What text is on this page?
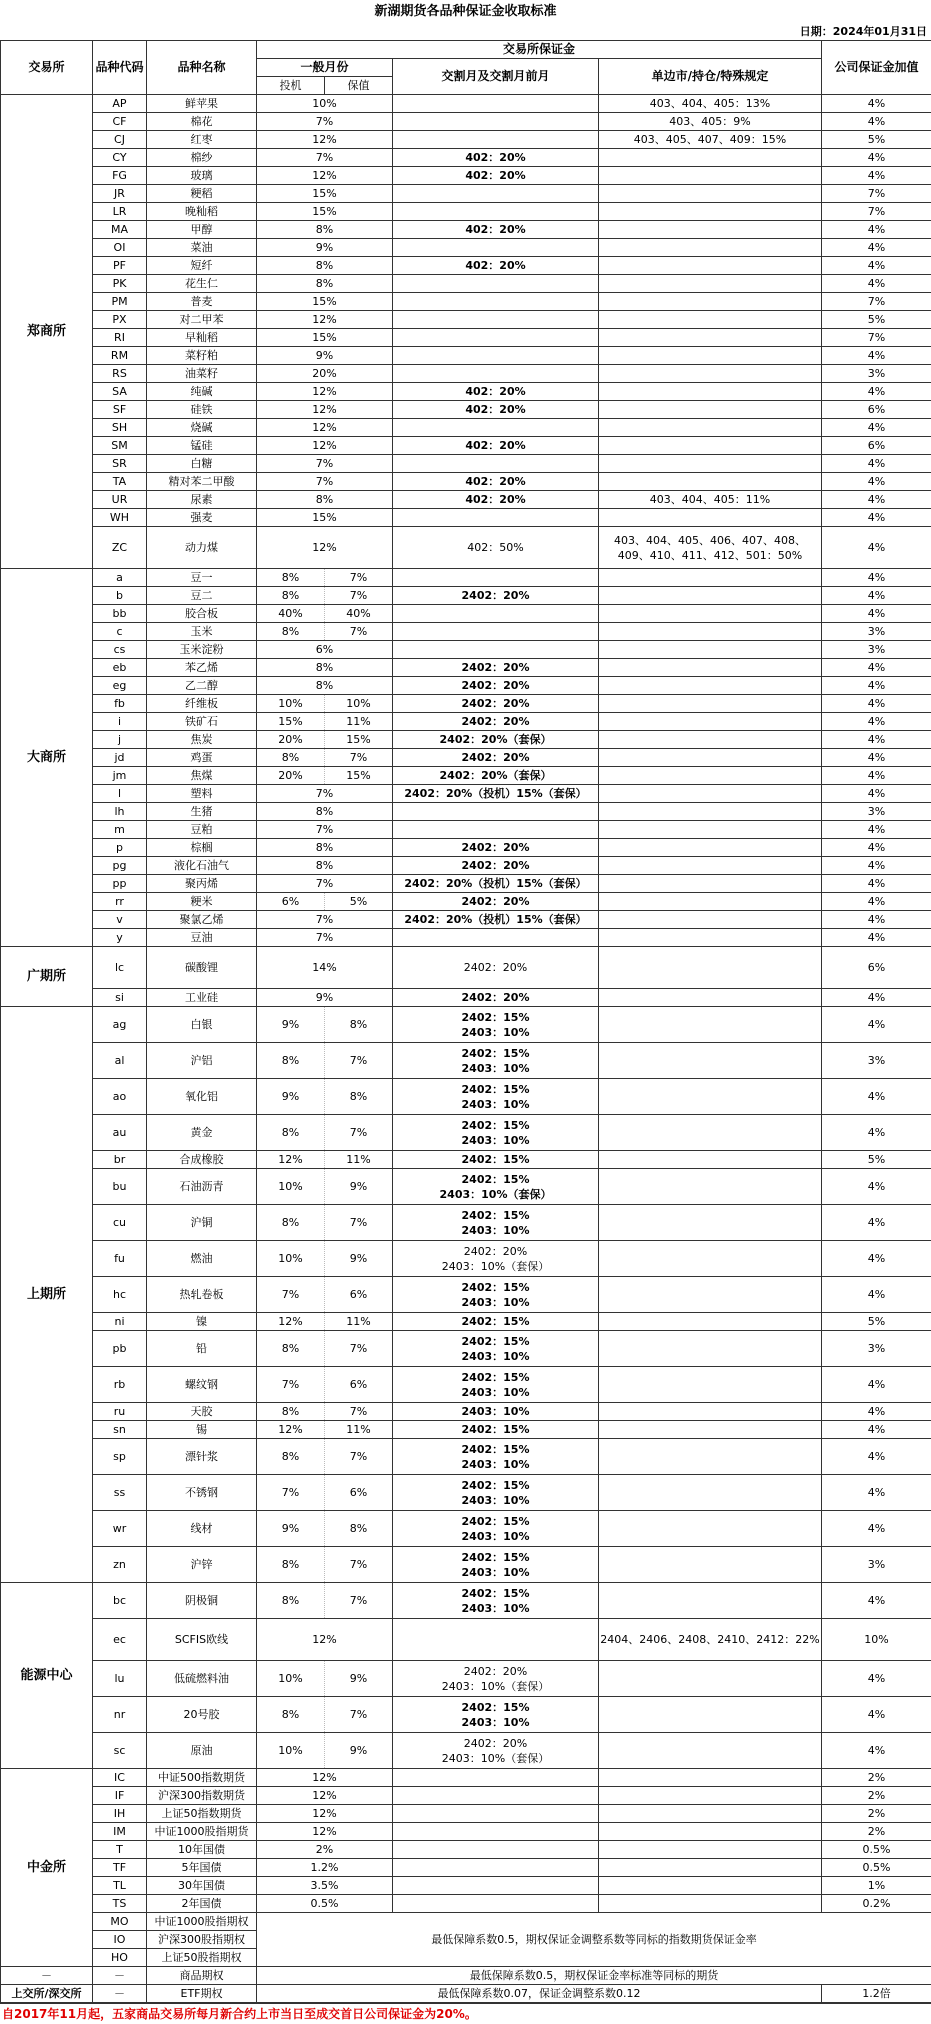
新湖期货各品种保证金收取标准
日期：2024年01月31日
交易所	品种代码	品种名称	交易所保证金				公司保证金加值
			一般月份		交割月及交割月前月	单边市/持仓/特殊规定	
			投机	保值			
郑商所	AP	鲜苹果	10%			403、404、405：13%	4%
	CF	棉花	7%			403、405：9%	4%
	CJ	红枣	12%			403、405、407、409：15%	5%
	CY	棉纱	7%		402：20%		4%
	FG	玻璃	12%		402：20%		4%
	JR	粳稻	15%				7%
	LR	晚籼稻	15%				7%
	MA	甲醇	8%		402：20%		4%
	OI	菜油	9%				4%
	PF	短纤	8%		402：20%		4%
	PK	花生仁	8%				4%
	PM	普麦	15%				7%
	PX	对二甲苯	12%				5%
	RI	早籼稻	15%				7%
	RM	菜籽粕	9%				4%
	RS	油菜籽	20%				3%
	SA	纯碱	12%		402：20%		4%
	SF	硅铁	12%		402：20%		6%
	SH	烧碱	12%				4%
	SM	锰硅	12%		402：20%		6%
	SR	白糖	7%				4%
	TA	精对苯二甲酸	7%		402：20%		4%
	UR	尿素	8%		402：20%	403、404、405：11%	4%
	WH	强麦	15%				4%
	ZC	动力煤	12%		402：50%	403、404、405、406、407、408、409、410、411、412、501：50%	4%
大商所	a	豆一	8%	7%			4%
	b	豆二	8%	7%	2402：20%		4%
	bb	胶合板	40%	40%			4%
	c	玉米	8%	7%			3%
	cs	玉米淀粉	6%				3%
	eb	苯乙烯	8%		2402：20%		4%
	eg	乙二醇	8%		2402：20%		4%
	fb	纤维板	10%	10%	2402：20%		4%
	i	铁矿石	15%	11%	2402：20%		4%
	j	焦炭	20%	15%	2402：20%（套保）		4%
	jd	鸡蛋	8%	7%	2402：20%		4%
	jm	焦煤	20%	15%	2402：20%（套保）		4%
	l	塑料	7%		2402：20%（投机）15%（套保）		4%
	lh	生猪	8%				3%
	m	豆粕	7%				4%
	p	棕榈	8%		2402：20%		4%
	pg	液化石油气	8%		2402：20%		4%
	pp	聚丙烯	7%		2402：20%（投机）15%（套保）		4%
	rr	粳米	6%	5%	2402：20%		4%
	v	聚氯乙烯	7%		2402：20%（投机）15%（套保）		4%
	y	豆油	7%				4%
广期所	lc	碳酸锂	14%		2402：20%		6%
	si	工业硅	9%		2402：20%		4%
上期所	ag	白银	9%	8%	2402：15%
2403：10%		4%
	al	沪铝	8%	7%	2402：15%
2403：10%		3%
	ao	氧化铝	9%	8%	2402：15%
2403：10%		4%
	au	黄金	8%	7%	2402：15%
2403：10%		4%
	br	合成橡胶	12%	11%	2402：15%		5%
	bu	石油沥青	10%	9%	2402：15%
2403：10%（套保）		4%
	cu	沪铜	8%	7%	2402：15%
2403：10%		4%
	fu	燃油	10%	9%	2402：20%
2403：10%（套保）		4%
	hc	热轧卷板	7%	6%	2402：15%
2403：10%		4%
	ni	镍	12%	11%	2402：15%		5%
	pb	铅	8%	7%	2402：15%
2403：10%		3%
	rb	螺纹钢	7%	6%	2402：15%
2403：10%		4%
	ru	天胶	8%	7%	2403：10%		4%
	sn	锡	12%	11%	2402：15%		4%
	sp	漂针浆	8%	7%	2402：15%
2403：10%		4%
	ss	不锈钢	7%	6%	2402：15%
2403：10%		4%
	wr	线材	9%	8%	2402：15%
2403：10%		4%
	zn	沪锌	8%	7%	2402：15%
2403：10%		3%
能源中心	bc	阴极铜	8%	7%	2402：15%
2403：10%		4%
	ec	SCFIS欧线	12%			2404、2406、2408、2410、2412：22%	10%
	lu	低硫燃料油	10%	9%	2402：20%
2403：10%（套保）		4%
	nr	20号胶	8%	7%	2402：15%
2403：10%		4%
	sc	原油	10%	9%	2402：20%
2403：10%（套保）		4%
中金所	IC	中证500指数期货	12%				2%
	IF	沪深300指数期货	12%				2%
	IH	上证50指数期货	12%				2%
	IM	中证1000股指期货	12%				2%
	T	10年国债	2%				0.5%
	TF	5年国债	1.2%				0.5%
	TL	30年国债	3.5%				1%
	TS	2年国债	0.5%				0.2%
	MO	中证1000股指期权	最低保障系数0.5，期权保证金调整系数等同标的指数期货保证金率				
	IO	沪深300股指期权					
	HO	上证50股指期权					
－	－	商品期权	最低保障系数0.5，期权保证金率标准等同标的期货				
上交所/深交所	－	ETF期权	最低保障系数0.07，保证金调整系数0.12				1.2倍
自2017年11月起，五家商品交易所每月新合约上市当日至成交首日公司保证金为20%。
